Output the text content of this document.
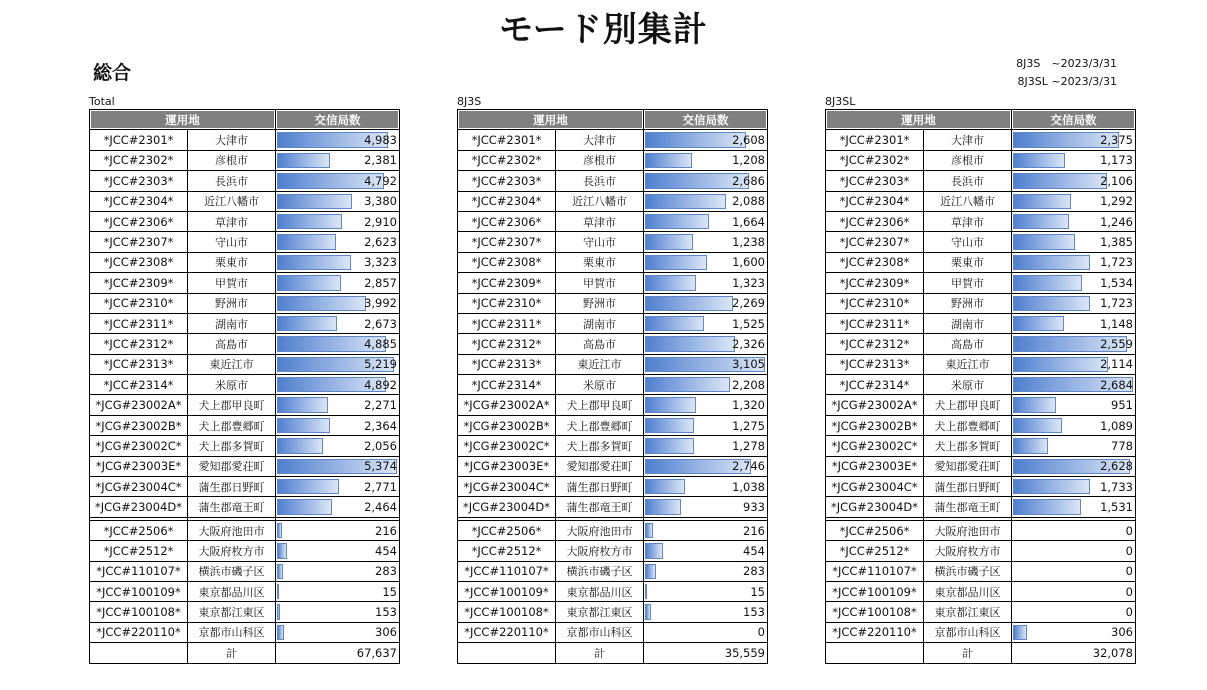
モード別集計
総合	8J3S　~2023/3/31
8J3SL ~2023/3/31
Total
運用地		交信局数
*JCC#2301*	大津市	4,983
*JCC#2302*	彦根市	2,381
*JCC#2303*	長浜市	4,792
*JCC#2304*	近江八幡市	3,380
*JCC#2306*	草津市	2,910
*JCC#2307*	守山市	2,623
*JCC#2308*	栗東市	3,323
*JCC#2309*	甲賀市	2,857
*JCC#2310*	野洲市	3,992
*JCC#2311*	湖南市	2,673
*JCC#2312*	高島市	4,885
*JCC#2313*	東近江市	5,219
*JCC#2314*	米原市	4,892
*JCG#23002A*	犬上郡甲良町	2,271
*JCG#23002B*	犬上郡豊郷町	2,364
*JCG#23002C*	犬上郡多賀町	2,056
*JCG#23003E*	愛知郡愛荘町	5,374
*JCG#23004C*	蒲生郡日野町	2,771
*JCG#23004D*	蒲生郡竜王町	2,464

*JCC#2506*	大阪府池田市	216
*JCC#2512*	大阪府枚方市	454
*JCC#110107*	横浜市磯子区	283
*JCC#100109*	東京都品川区	15
*JCC#100108*	東京都江東区	153
*JCC#220110*	京都市山科区	306
	計	67,637
8J3S
運用地		交信局数
*JCC#2301*	大津市	2,608
*JCC#2302*	彦根市	1,208
*JCC#2303*	長浜市	2,686
*JCC#2304*	近江八幡市	2,088
*JCC#2306*	草津市	1,664
*JCC#2307*	守山市	1,238
*JCC#2308*	栗東市	1,600
*JCC#2309*	甲賀市	1,323
*JCC#2310*	野洲市	2,269
*JCC#2311*	湖南市	1,525
*JCC#2312*	高島市	2,326
*JCC#2313*	東近江市	3,105
*JCC#2314*	米原市	2,208
*JCG#23002A*	犬上郡甲良町	1,320
*JCG#23002B*	犬上郡豊郷町	1,275
*JCG#23002C*	犬上郡多賀町	1,278
*JCG#23003E*	愛知郡愛荘町	2,746
*JCG#23004C*	蒲生郡日野町	1,038
*JCG#23004D*	蒲生郡竜王町	933

*JCC#2506*	大阪府池田市	216
*JCC#2512*	大阪府枚方市	454
*JCC#110107*	横浜市磯子区	283
*JCC#100109*	東京都品川区	15
*JCC#100108*	東京都江東区	153
*JCC#220110*	京都市山科区	0
	計	35,559
8J3SL
運用地		交信局数
*JCC#2301*	大津市	2,375
*JCC#2302*	彦根市	1,173
*JCC#2303*	長浜市	2,106
*JCC#2304*	近江八幡市	1,292
*JCC#2306*	草津市	1,246
*JCC#2307*	守山市	1,385
*JCC#2308*	栗東市	1,723
*JCC#2309*	甲賀市	1,534
*JCC#2310*	野洲市	1,723
*JCC#2311*	湖南市	1,148
*JCC#2312*	高島市	2,559
*JCC#2313*	東近江市	2,114
*JCC#2314*	米原市	2,684
*JCG#23002A*	犬上郡甲良町	951
*JCG#23002B*	犬上郡豊郷町	1,089
*JCG#23002C*	犬上郡多賀町	778
*JCG#23003E*	愛知郡愛荘町	2,628
*JCG#23004C*	蒲生郡日野町	1,733
*JCG#23004D*	蒲生郡竜王町	1,531

*JCC#2506*	大阪府池田市	0
*JCC#2512*	大阪府枚方市	0
*JCC#110107*	横浜市磯子区	0
*JCC#100109*	東京都品川区	0
*JCC#100108*	東京都江東区	0
*JCC#220110*	京都市山科区	306
	計	32,078
